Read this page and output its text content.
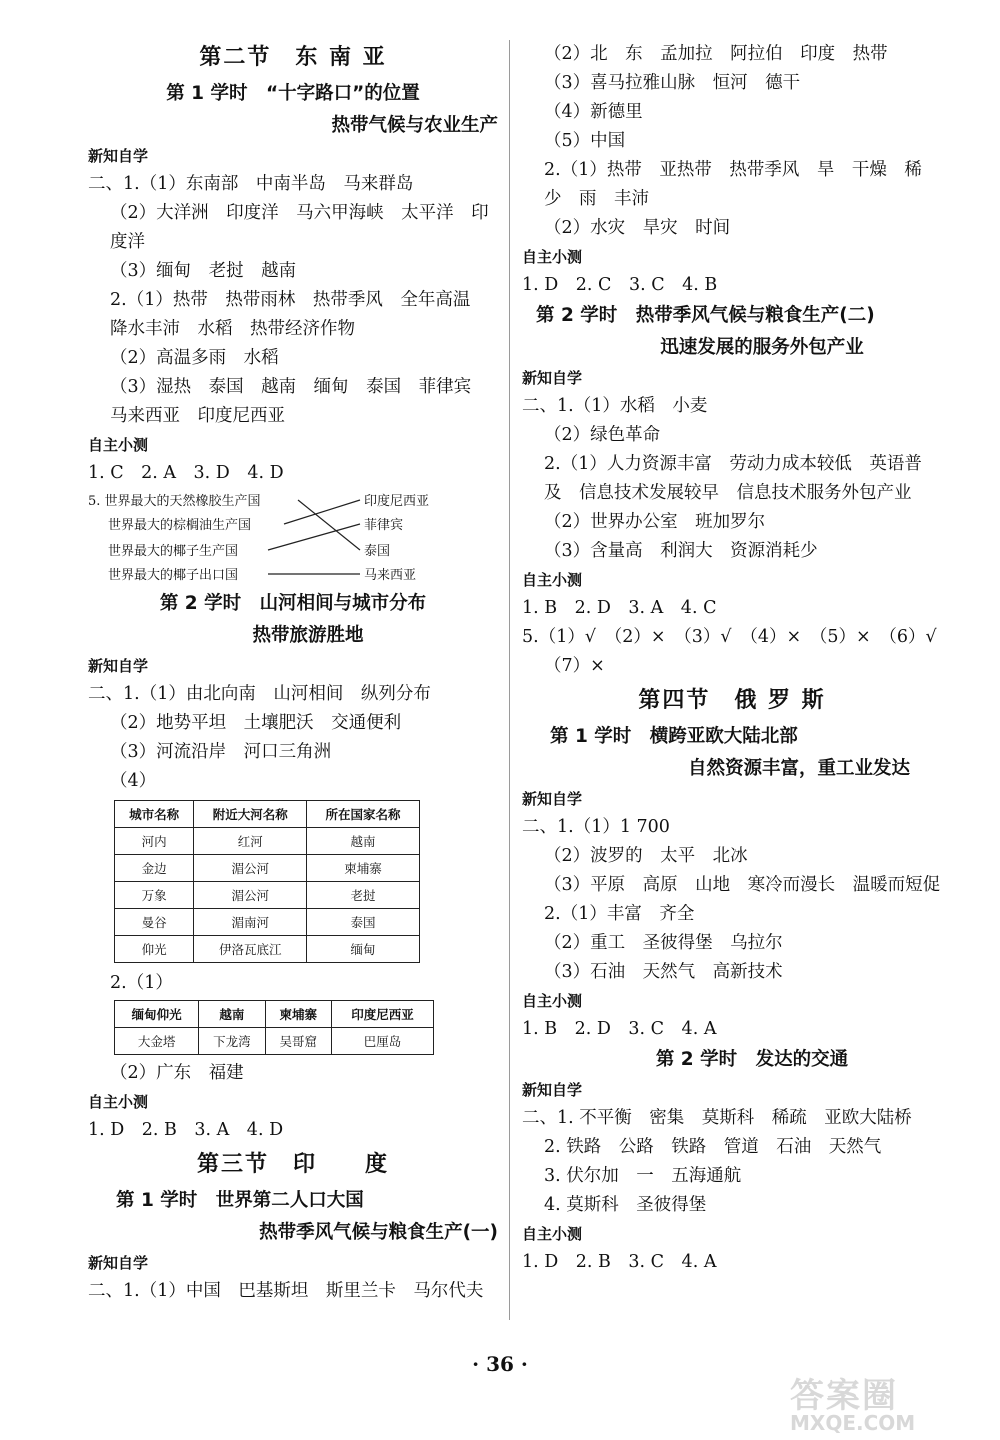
第二节　东 南 亚
第 1 学时　“十字路口”的位置
热带气候与农业生产
新知自学
二、1.（1）东南部　中南半岛　马来群岛
（2）大洋洲　印度洋　马六甲海峡　太平洋　印
度洋
（3）缅甸　老挝　越南
2.（1）热带　热带雨林　热带季风　全年高温
降水丰沛　水稻　热带经济作物
（2）高温多雨　水稻
（3）湿热　泰国　越南　缅甸　泰国　菲律宾
马来西亚　印度尼西亚
自主小测
1. C　2. A　3. D　4. D
5. 世界最大的天然橡胶生产国
世界最大的棕榈油生产国
世界最大的椰子生产国
世界最大的椰子出口国
印度尼西亚
菲律宾
泰国
马来西亚
第 2 学时　山河相间与城市分布
热带旅游胜地
新知自学
二、1.（1）由北向南　山河相间　纵列分布
（2）地势平坦　土壤肥沃　交通便利
（3）河流沿岸　河口三角洲
（4）
城市名称	附近大河名称	所在国家名称
河内	红河	越南
金边	湄公河	柬埔寨
万象	湄公河	老挝
曼谷	湄南河	泰国
仰光	伊洛瓦底江	缅甸
2.（1）
缅甸仰光	越南	柬埔寨	印度尼西亚
大金塔	下龙湾	吴哥窟	巴厘岛
（2）广东　福建
自主小测
1. D　2. B　3. A　4. D
第三节　印　　度
第 1 学时　世界第二人口大国
热带季风气候与粮食生产(一)
新知自学
二、1.（1）中国　巴基斯坦　斯里兰卡　马尔代夫
（2）北　东　孟加拉　阿拉伯　印度　热带
（3）喜马拉雅山脉　恒河　德干
（4）新德里
（5）中国
2.（1）热带　亚热带　热带季风　旱　干燥　稀
少　雨　丰沛
（2）水灾　旱灾　时间
自主小测
1. D　2. C　3. C　4. B
第 2 学时　热带季风气候与粮食生产(二)
迅速发展的服务外包产业
新知自学
二、1.（1）水稻　小麦
（2）绿色革命
2.（1）人力资源丰富　劳动力成本较低　英语普
及　信息技术发展较早　信息技术服务外包产业
（2）世界办公室　班加罗尔
（3）含量高　利润大　资源消耗少
自主小测
1. B　2. D　3. A　4. C
5.（1）√　（2）×　（3）√　（4）×　（5）×　（6）√
（7）×
第四节　俄 罗 斯
第 1 学时　横跨亚欧大陆北部
自然资源丰富，重工业发达
新知自学
二、1.（1）1 700
（2）波罗的　太平　北冰
（3）平原　高原　山地　寒冷而漫长　温暖而短促
2.（1）丰富　齐全
（2）重工　圣彼得堡　乌拉尔
（3）石油　天然气　高新技术
自主小测
1. B　2. D　3. C　4. A
第 2 学时　发达的交通
新知自学
二、1. 不平衡　密集　莫斯科　稀疏　亚欧大陆桥
2. 铁路　公路　铁路　管道　石油　天然气
3. 伏尔加　一　五海通航
4. 莫斯科　圣彼得堡
自主小测
1. D　2. B　3. C　4. A
· 36 ·
答案圈
MXQE.COM
